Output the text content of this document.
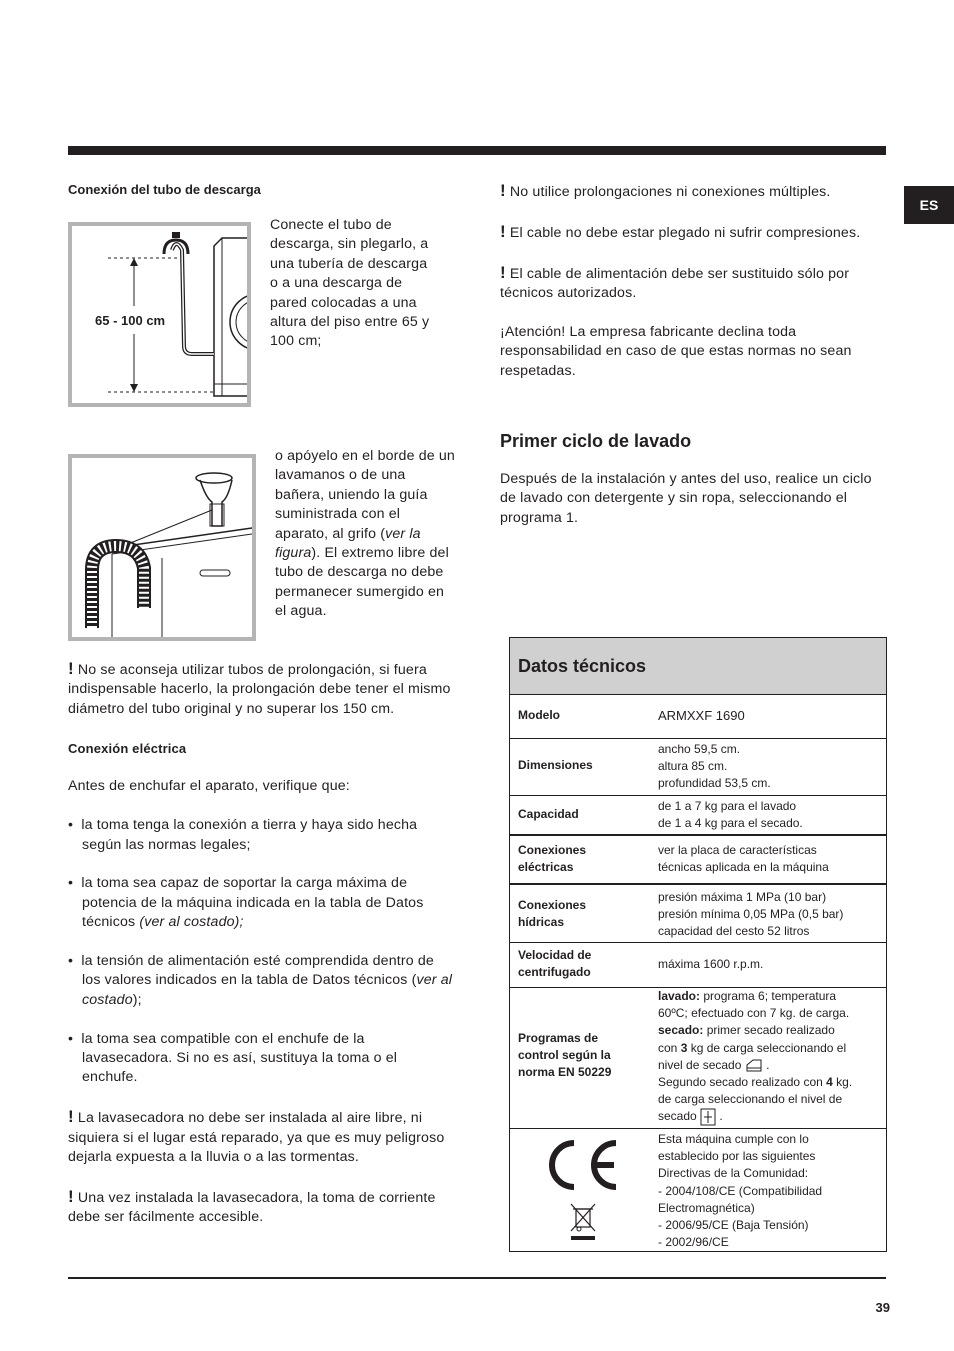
ES
Conexión del tubo de descarga
65 - 100 cm
Conecte el tubo de
descarga, sin plegarlo, a
una tubería de descarga
o a una descarga de
pared colocadas a una
altura del piso entre 65 y
100 cm;
o apóyelo en el borde de un lavamanos o de una bañera, uniendo la guía suministrada con el aparato, al grifo (ver la figura). El extremo libre del tubo de descarga no debe permanecer sumergido en el agua.

! No se aconseja utilizar tubos de prolongación, si fuera indispensable hacerlo, la prolongación debe tener el mismo diámetro del tubo original y no superar los 150 cm.

Conexión eléctrica

Antes de enchufar el aparato, verifique que:

•  la toma tenga la conexión a tierra y haya sido hecha según las normas legales;

•  la toma sea capaz de soportar la carga máxima de potencia de la máquina indicada en la tabla de Datos técnicos (ver al costado);

•  la tensión de alimentación esté comprendida dentro de los valores indicados en la tabla de Datos técnicos (ver al costado);

•  la toma sea compatible con el enchufe de la lavasecadora. Si no es así, sustituya la toma o el enchufe.

! La lavasecadora no debe ser instalada al aire libre, ni siquiera si el lugar está reparado, ya que es muy peligroso dejarla expuesta a la lluvia o a las tormentas.

! Una vez instalada la lavasecadora, la toma de corriente debe ser fácilmente accesible.

! No utilice prolongaciones ni conexiones múltiples.

! El cable no debe estar plegado ni sufrir compresiones.

! El cable de alimentación debe ser sustituido sólo por técnicos autorizados.

¡Atención! La empresa fabricante declina toda responsabilidad en caso de que estas normas no sean respetadas.

Primer ciclo de lavado
Después de la instalación y antes del uso, realice un ciclo de lavado con detergente y sin ropa, seleccionando el programa 1.
Datos técnicos
Modelo	ARMXXF 1690
Dimensiones
ancho 59,5 cm.
altura 85 cm.
profundidad 53,5 cm.
Capacidad
de 1 a 7 kg para el lavado
de 1 a 4 kg para el secado.
Conexiones
eléctricas
ver la placa de características
técnicas aplicada en la máquina
Conexiones
hídricas
presión máxima 1 MPa (10 bar)
presión mínima 0,05 MPa (0,5 bar)
capacidad del cesto 52 litros
Velocidad de
centrifugado
máxima 1600 r.p.m.
Programas de
control según la
norma EN 50229
lavado: programa 6; temperatura
60ºC; efectuado con 7 kg. de carga.
secado: primer secado realizado
con 3 kg de carga seleccionando el
nivel de secado  .
Segundo secado realizado con 4 kg.
de carga seleccionando el nivel de
secado  .
Esta máquina cumple con lo
establecido por las siguientes
Directivas de la Comunidad:
- 2004/108/CE (Compatibilidad
Electromagnética)
- 2006/95/CE (Baja Tensión)
- 2002/96/CE
39
